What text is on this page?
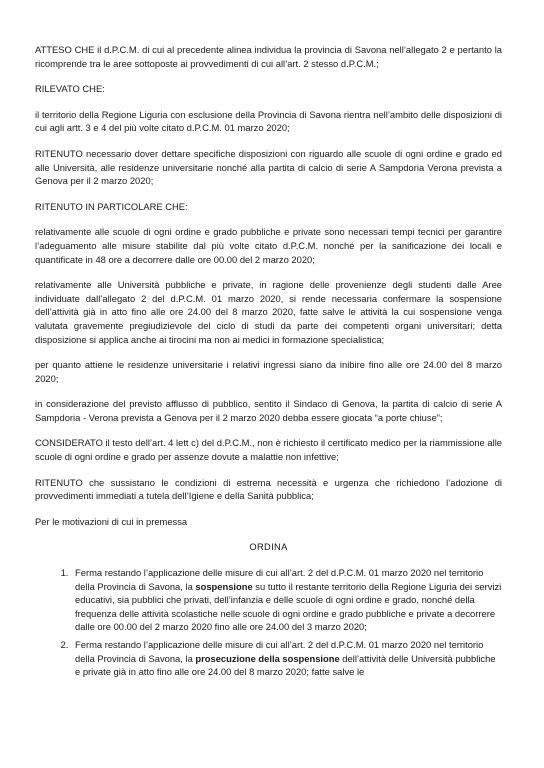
ATTESO CHE il d.P.C.M. di cui al precedente alinea individua la provincia di Savona nell’allegato 2 e pertanto la ricomprende tra le aree sottoposte ai provvedimenti di cui all’art. 2 stesso d.P.C.M.;

RILEVATO CHE:

il territorio della Regione Liguria con esclusione della Provincia di Savona rientra nell’ambito delle disposizioni di cui agli artt. 3 e 4 del più volte citato d.P.C.M. 01 marzo 2020;

RITENUTO necessario dover dettare specifiche disposizioni con riguardo alle scuole di ogni ordine e grado ed alle Università, alle residenze universitarie nonché alla partita di calcio di serie A Sampdoria Verona prevista a Genova per il 2 marzo 2020;

RITENUTO IN PARTICOLARE CHE:

relativamente alle scuole di ogni ordine e grado pubbliche e private sono necessari tempi tecnici per garantire l’adeguamento alle misure stabilite dal più volte citato d.P.C.M. nonché per la sanificazione dei locali e quantificate in 48 ore a decorrere dalle ore 00.00 del 2 marzo 2020;

relativamente alle Università pubbliche e private, in ragione delle provenienze degli studenti dalle Aree individuate dall’allegato 2 del d.P.C.M. 01 marzo 2020, si rende necessaria confermare la sospensione dell’attività già in atto fino alle ore 24.00 del 8 marzo 2020, fatte salve le attività la cui sospensione venga valutata gravemente pregiudizievole del ciclo di studi da parte dei competenti organi universitari; detta disposizione si applica anche ai tirocini ma non ai medici in formazione specialistica;

per quanto attiene le residenze universitarie i relativi ingressi siano da inibire fino alle ore 24.00 del 8 marzo 2020;

in considerazione del previsto afflusso di pubblico, sentito il Sindaco di Genova, la partita di calcio di serie A Sampdoria - Verona prevista a Genova per il 2 marzo 2020 debba essere giocata “a porte chiuse”;

CONSIDERATO il testo dell’art. 4 lett c) del d.P.C.M., non è richiesto il certificato medico per la riammissione alle scuole di ogni ordine e grado per assenze dovute a malattie non infettive;

RITENUTO che sussistano le condizioni di estrema necessità e urgenza che richiedono l’adozione di provvedimenti immediati a tutela dell’Igiene e della Sanità pubblica;

Per le motivazioni di cui in premessa

ORDINA
1. Ferma restando l’applicazione delle misure di cui all’art. 2 del d.P.C.M. 01 marzo 2020 nel territorio della Provincia di Savona, la sospensione su tutto il restante territorio della Regione Liguria dei servizi educativi, sia pubblici che privati, dell’infanzia e delle scuole di ogni ordine e grado, nonché della frequenza delle attività scolastiche nelle scuole di ogni ordine e grado pubbliche e private a decorrere dalle ore 00.00 del 2 marzo 2020 fino alle ore 24.00 del 3 marzo 2020;
2. Ferma restando l’applicazione delle misure di cui all’art. 2 del d.P.C.M. 01 marzo 2020 nel territorio della Provincia di Savona, la prosecuzione della sospensione dell’attività delle Università pubbliche e private già in atto fino alle ore 24.00 del 8 marzo 2020; fatte salve le
